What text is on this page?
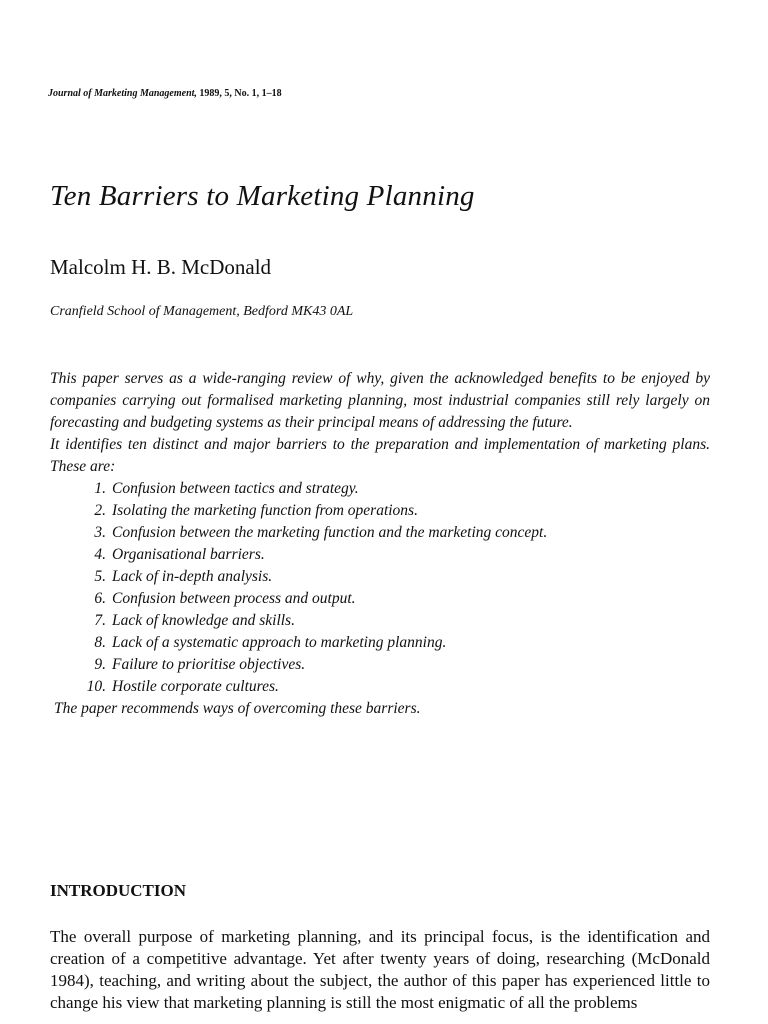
Journal of Marketing Management, 1989, 5, No. 1, 1–18
Ten Barriers to Marketing Planning
Malcolm H. B. McDonald
Cranfield School of Management, Bedford MK43 0AL

This paper serves as a wide-ranging review of why, given the acknowledged benefits to be enjoyed by companies carrying out formalised marketing planning, most industrial companies still rely largely on forecasting and budgeting systems as their principal means of addressing the future.

It identifies ten distinct and major barriers to the preparation and implementation of marketing plans. These are:

1. Confusion between tactics and strategy.
2. Isolating the marketing function from operations.
3. Confusion between the marketing function and the marketing concept.
4. Organisational barriers.
5. Lack of in-depth analysis.
6. Confusion between process and output.
7. Lack of knowledge and skills.
8. Lack of a systematic approach to marketing planning.
9. Failure to prioritise objectives.
10. Hostile corporate cultures.

The paper recommends ways of overcoming these barriers.

INTRODUCTION

The overall purpose of marketing planning, and its principal focus, is the identification and creation of a competitive advantage. Yet after twenty years of doing, researching (McDonald 1984), teaching, and writing about the subject, the author of this paper has experienced little to change his view that marketing planning is still the most enigmatic of all the problems
